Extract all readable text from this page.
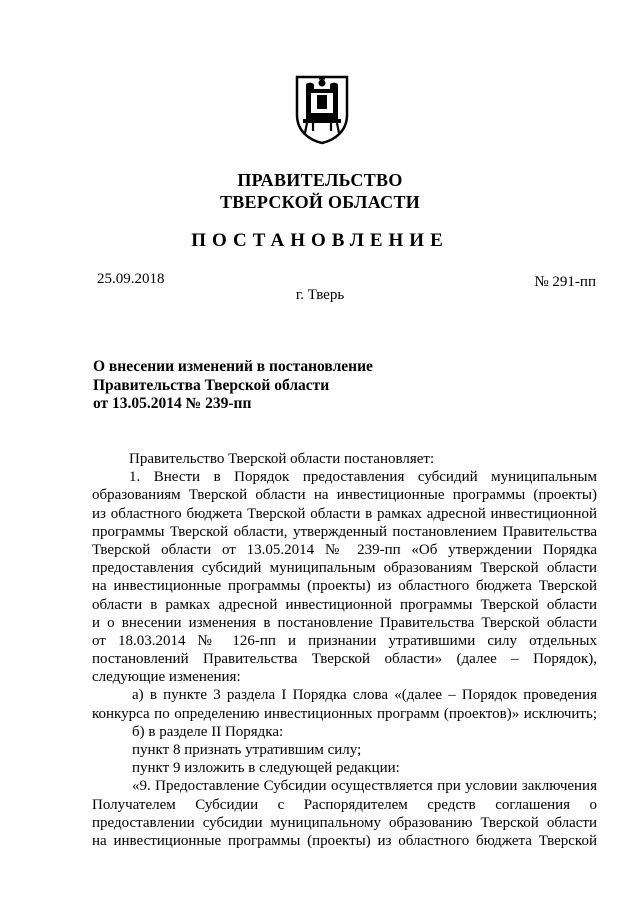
ПРАВИТЕЛЬСТВО
ТВЕРСКОЙ ОБЛАСТИ
ПОСТАНОВЛЕНИЕ
25.09.2018	№ 291-пп
г. Тверь
О внесении изменений в постановление
Правительства Тверской области
от 13.05.2014 № 239-пп
Правительство Тверской области постановляет:
1. Внести в Порядок предоставления субсидий муниципальным
образованиям Тверской области на инвестиционные программы (проекты)
из областного бюджета Тверской области в рамках адресной инвестиционной
программы Тверской области, утвержденный постановлением Правительства
Тверской области от 13.05.2014 № 239-пп «Об утверждении Порядка
предоставления субсидий муниципальным образованиям Тверской области
на инвестиционные программы (проекты) из областного бюджета Тверской
области в рамках адресной инвестиционной программы Тверской области
и о внесении изменения в постановление Правительства Тверской области
от 18.03.2014 № 126-пп и признании утратившими силу отдельных
постановлений Правительства Тверской области» (далее – Порядок),
следующие изменения:
а) в пункте 3 раздела I Порядка слова «(далее – Порядок проведения
конкурса по определению инвестиционных программ (проектов)» исключить;
б) в разделе II Порядка:
пункт 8 признать утратившим силу;
пункт 9 изложить в следующей редакции:
«9. Предоставление Субсидии осуществляется при условии заключения
Получателем Субсидии с Распорядителем средств соглашения о
предоставлении субсидии муниципальному образованию Тверской области
на инвестиционные программы (проекты) из областного бюджета Тверской
